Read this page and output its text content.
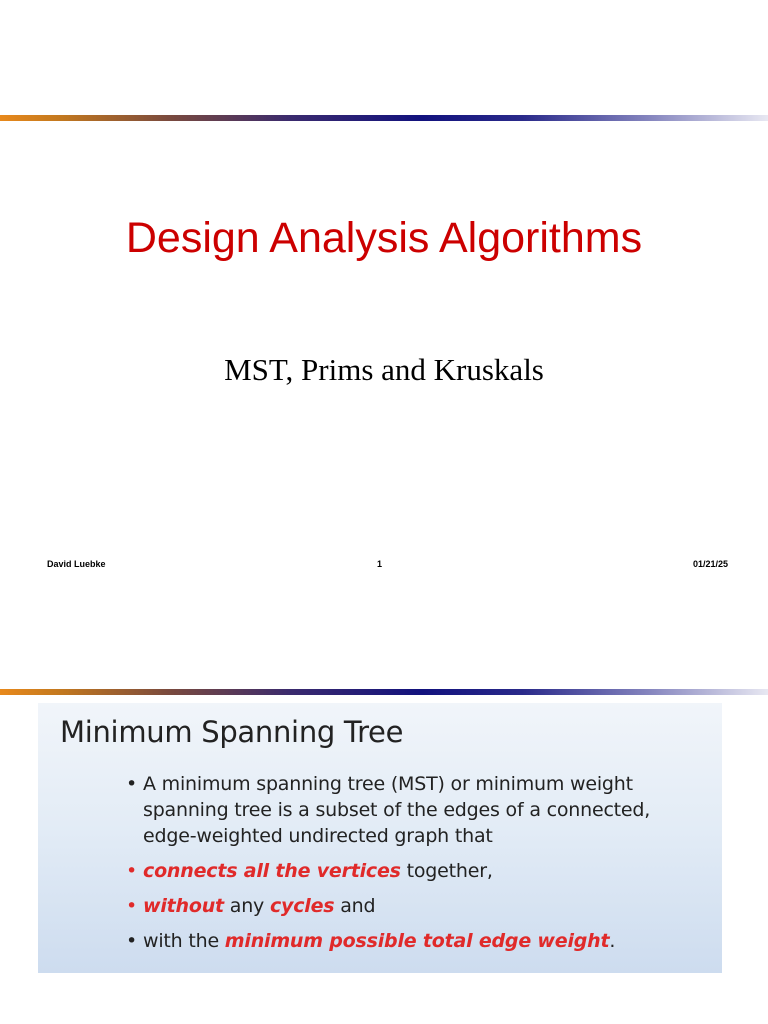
Design Analysis Algorithms
MST, Prims and Kruskals
David Luebke	1	01/21/25
Minimum Spanning Tree
• A minimum spanning tree (MST) or minimum weight spanning tree is a subset of the edges of a connected, edge-weighted undirected graph that
• connects all the vertices together,
• without any cycles and
• with the minimum possible total edge weight.
